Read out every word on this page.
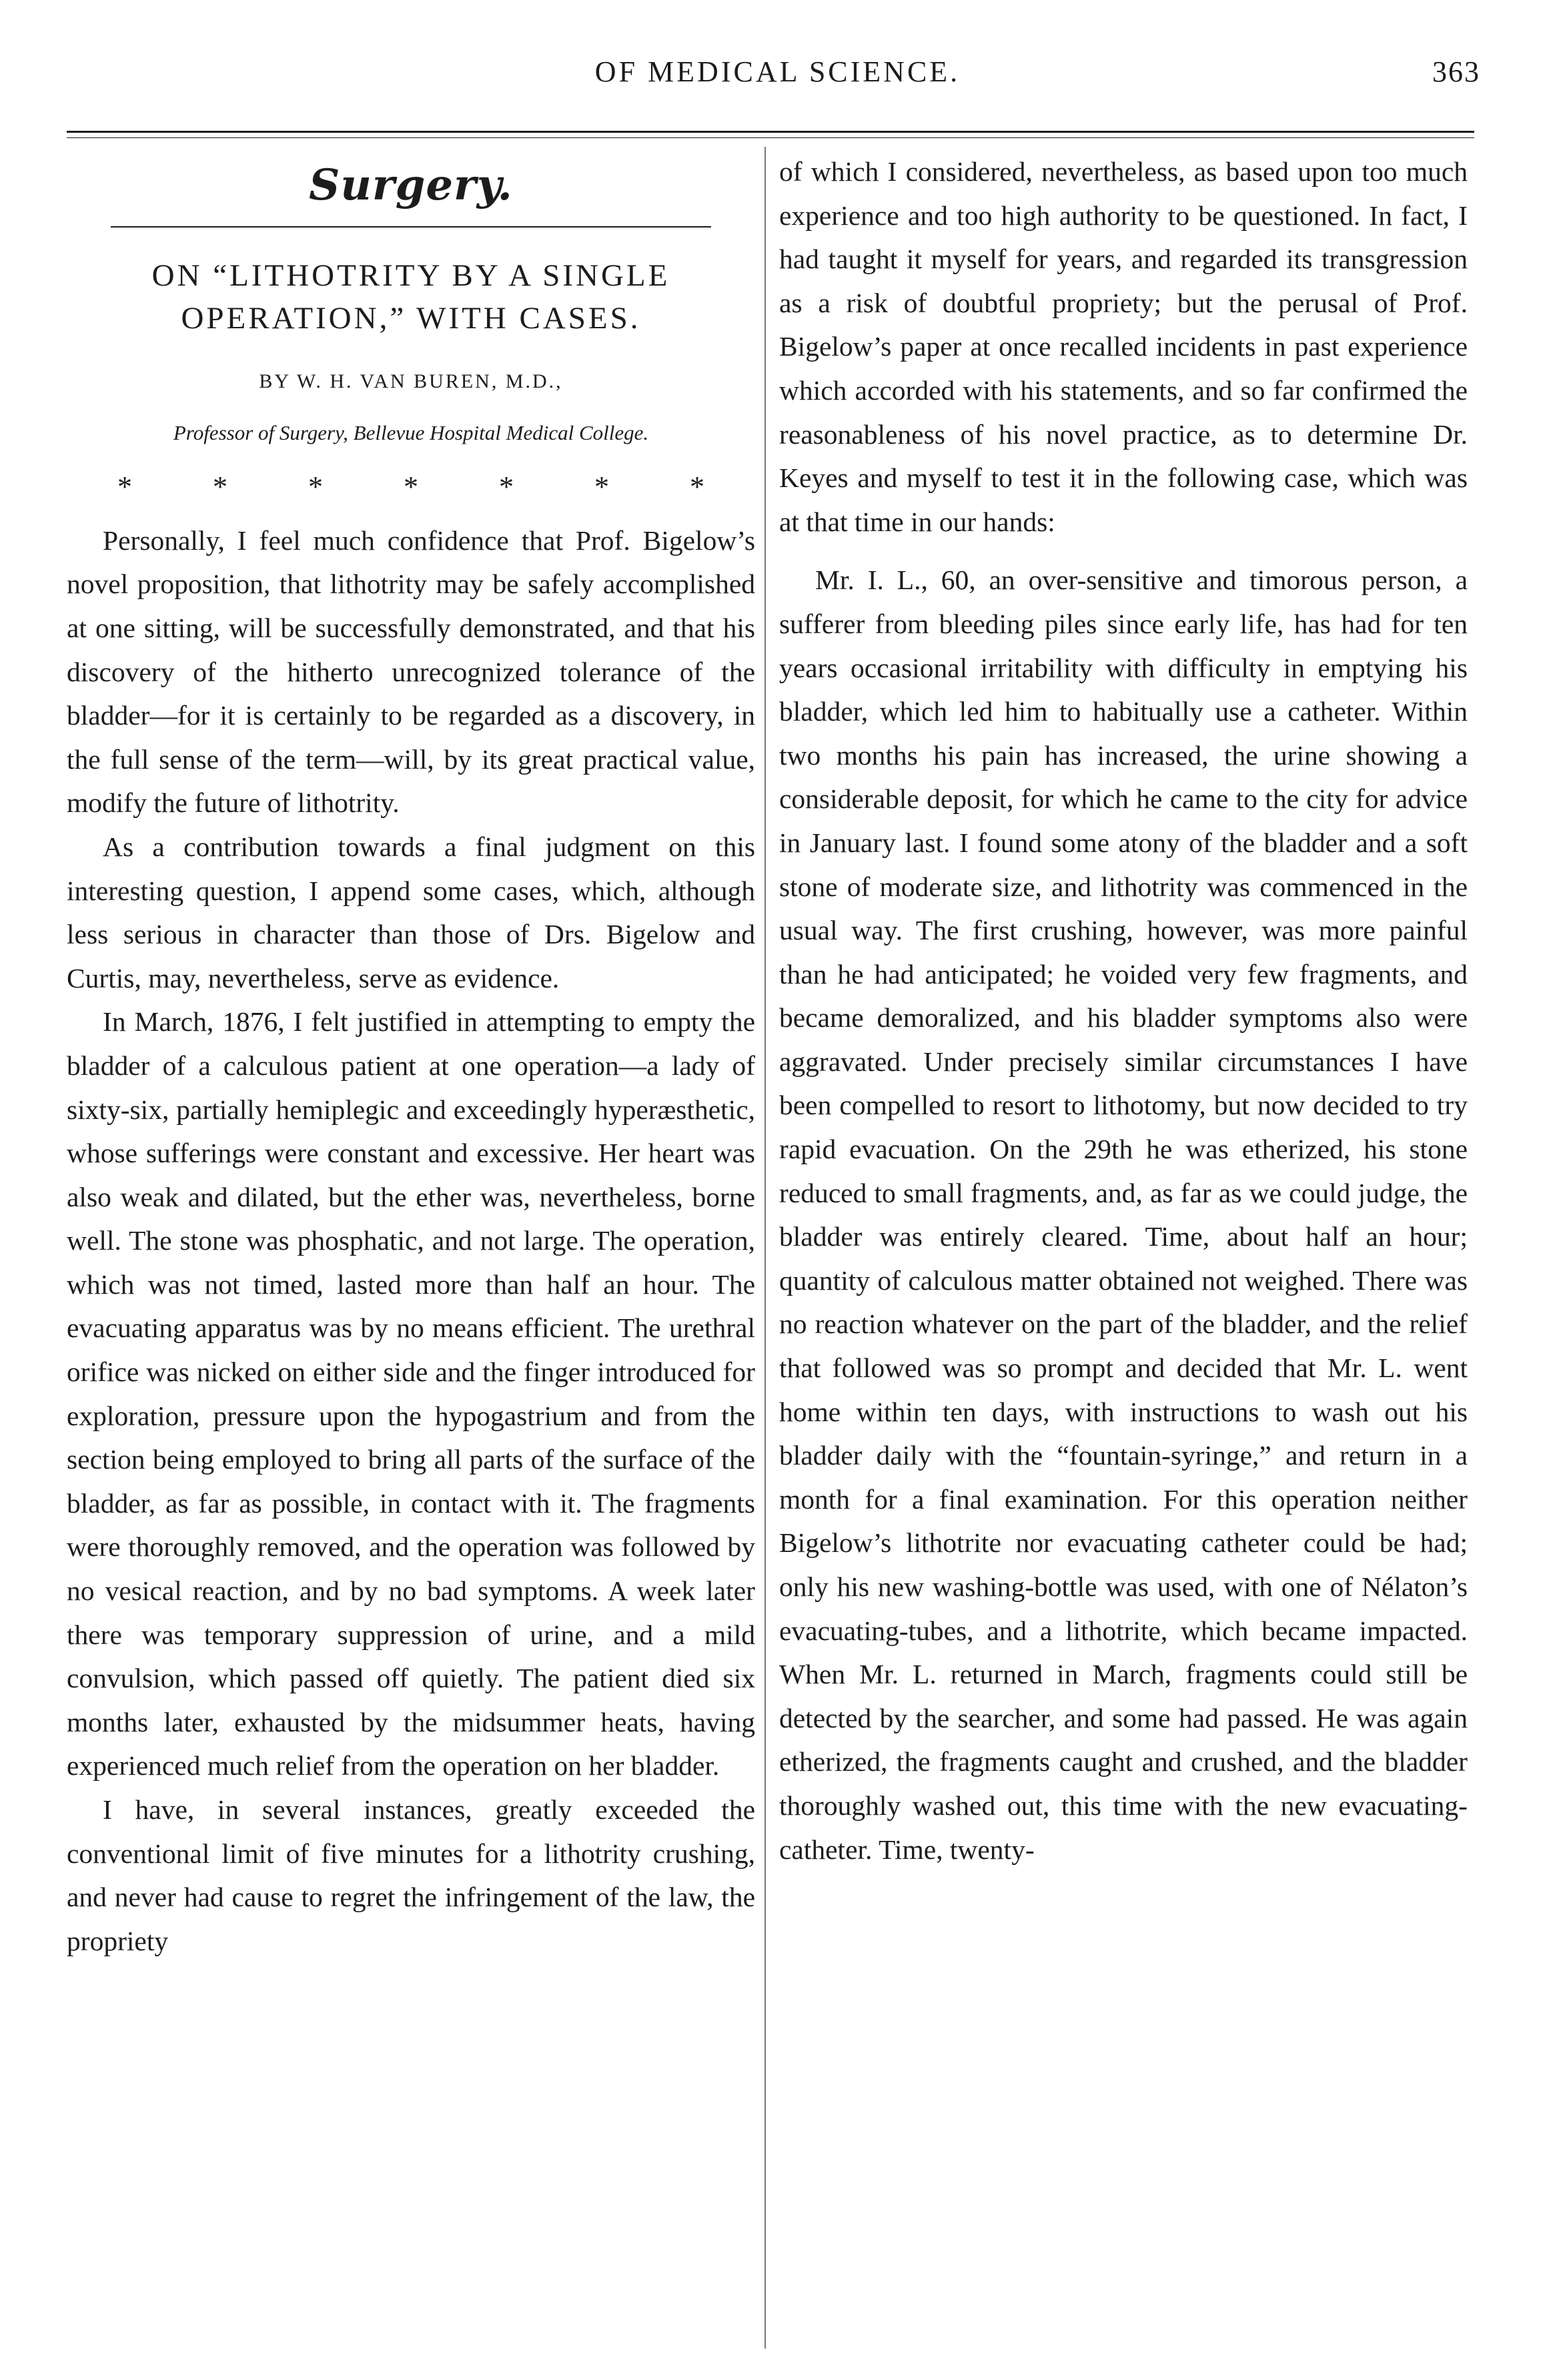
OF MEDICAL SCIENCE.	363
Surgery.
ON “LITHOTRITY BY A SINGLE OPERATION,” WITH CASES.
BY W. H. VAN BUREN, M.D.,
Professor of Surgery, Bellevue Hospital Medical College.
*	*	*	*	*	*	*

Personally, I feel much confidence that Prof. Bigelow’s novel proposition, that lithotrity may be safely accomplished at one sitting, will be successfully demonstrated, and that his discovery of the hitherto unrecognized tolerance of the bladder—for it is certainly to be regarded as a discovery, in the full sense of the term—will, by its great practical value, modify the future of lithotrity.

As a contribution towards a final judgment on this interesting question, I append some cases, which, although less serious in character than those of Drs. Bigelow and Curtis, may, nevertheless, serve as evidence.

In March, 1876, I felt justified in attempting to empty the bladder of a calculous patient at one operation—a lady of sixty-six, partially hemiplegic and exceedingly hyperæsthetic, whose sufferings were constant and excessive. Her heart was also weak and dilated, but the ether was, nevertheless, borne well. The stone was phosphatic, and not large. The operation, which was not timed, lasted more than half an hour. The evacuating apparatus was by no means efficient. The urethral orifice was nicked on either side and the finger introduced for exploration, pressure upon the hypogastrium and from the section being employed to bring all parts of the surface of the bladder, as far as possible, in contact with it. The fragments were thoroughly removed, and the operation was followed by no vesical reaction, and by no bad symptoms. A week later there was temporary suppression of urine, and a mild convulsion, which passed off quietly. The patient died six months later, exhausted by the midsummer heats, having experienced much relief from the operation on her bladder.

I have, in several instances, greatly exceeded the conventional limit of five minutes for a lithotrity crushing, and never had cause to regret the infringement of the law, the propriety

of which I considered, nevertheless, as based upon too much experience and too high authority to be questioned. In fact, I had taught it myself for years, and regarded its transgression as a risk of doubtful propriety; but the perusal of Prof. Bigelow’s paper at once recalled incidents in past experience which accorded with his statements, and so far confirmed the reasonableness of his novel practice, as to determine Dr. Keyes and myself to test it in the following case, which was at that time in our hands:

Mr. I. L., 60, an over-sensitive and timorous person, a sufferer from bleeding piles since early life, has had for ten years occasional irritability with difficulty in emptying his bladder, which led him to habitually use a catheter. Within two months his pain has increased, the urine showing a considerable deposit, for which he came to the city for advice in January last. I found some atony of the bladder and a soft stone of moderate size, and lithotrity was commenced in the usual way. The first crushing, however, was more painful than he had anticipated; he voided very few fragments, and became demoralized, and his bladder symptoms also were aggravated. Under precisely similar circumstances I have been compelled to resort to lithotomy, but now decided to try rapid evacuation. On the 29th he was etherized, his stone reduced to small fragments, and, as far as we could judge, the bladder was entirely cleared. Time, about half an hour; quantity of calculous matter obtained not weighed. There was no reaction whatever on the part of the bladder, and the relief that followed was so prompt and decided that Mr. L. went home within ten days, with instructions to wash out his bladder daily with the “fountain-syringe,” and return in a month for a final examination. For this operation neither Bigelow’s lithotrite nor evacuating catheter could be had; only his new washing-bottle was used, with one of Nélaton’s evacuating-tubes, and a lithotrite, which became impacted. When Mr. L. returned in March, fragments could still be detected by the searcher, and some had passed. He was again etherized, the fragments caught and crushed, and the bladder thoroughly washed out, this time with the new evacuating-catheter. Time, twenty-
